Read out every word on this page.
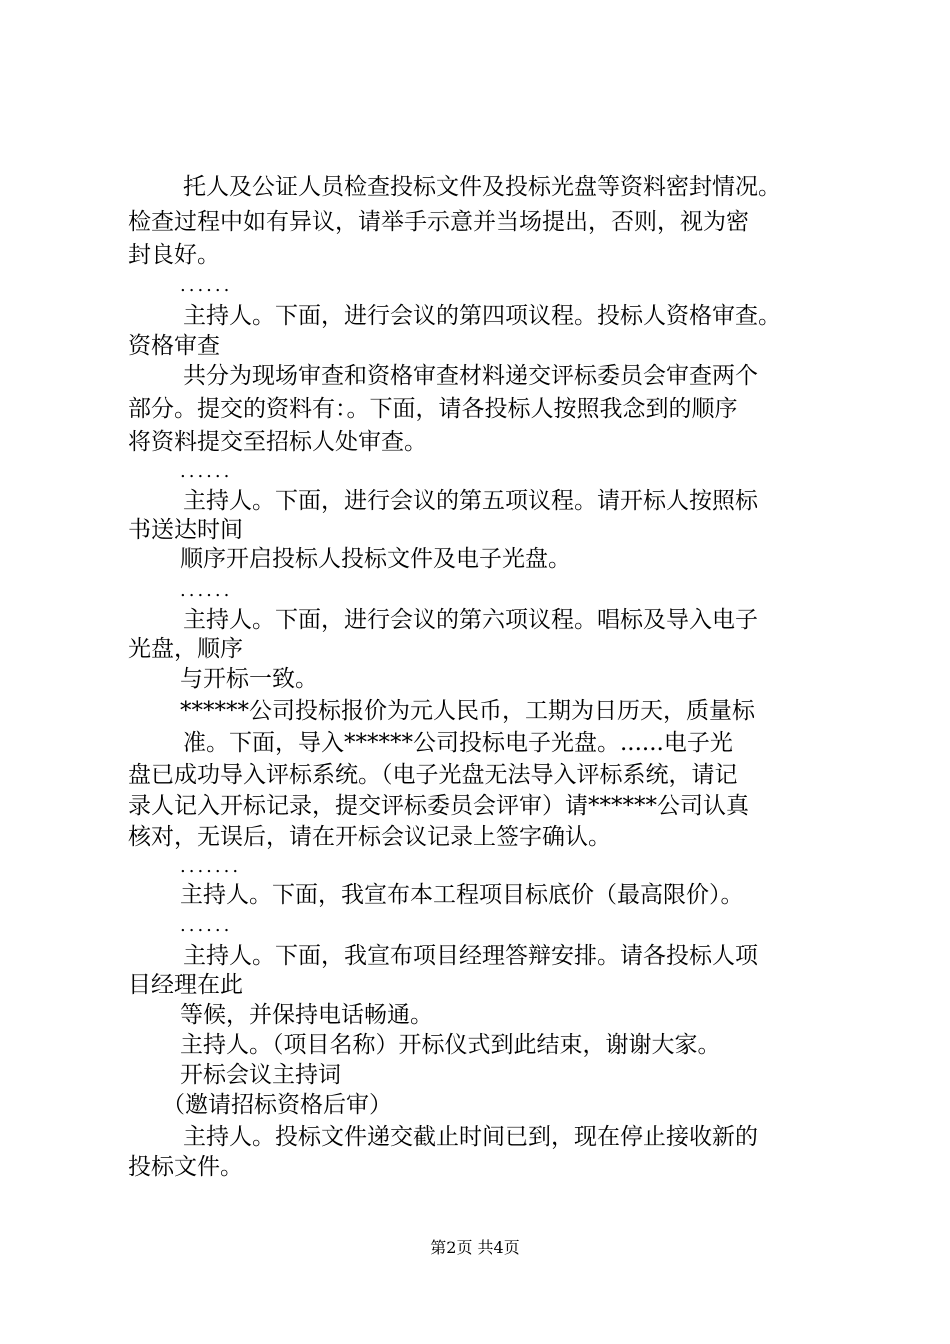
托人及公证人员检查投标文件及投标光盘等资料密封情况。
检查过程中如有异议，请举手示意并当场提出，否则，视为密
封良好。
......
主持人。下面，进行会议的第四项议程。投标人资格审查。
资格审查
共分为现场审查和资格审查材料递交评标委员会审查两个
部分。提交的资料有：。下面，请各投标人按照我念到的顺序
将资料提交至招标人处审查。
......
主持人。下面，进行会议的第五项议程。请开标人按照标
书送达时间
顺序开启投标人投标文件及电子光盘。
......
主持人。下面，进行会议的第六项议程。唱标及导入电子
光盘，顺序
与开标一致。
******公司投标报价为元人民币，工期为日历天，质量标
准。下面，导入******公司投标电子光盘。......电子光
盘已成功导入评标系统。（电子光盘无法导入评标系统，请记
录人记入开标记录，提交评标委员会评审）请******公司认真
核对，无误后，请在开标会议记录上签字确认。
.......
主持人。下面，我宣布本工程项目标底价（最高限价）。
......
主持人。下面，我宣布项目经理答辩安排。请各投标人项
目经理在此
等候，并保持电话畅通。
主持人。（项目名称）开标仪式到此结束，谢谢大家。
开标会议主持词
（邀请招标资格后审）
主持人。投标文件递交截止时间已到，现在停止接收新的
投标文件。
第2页 共4页
